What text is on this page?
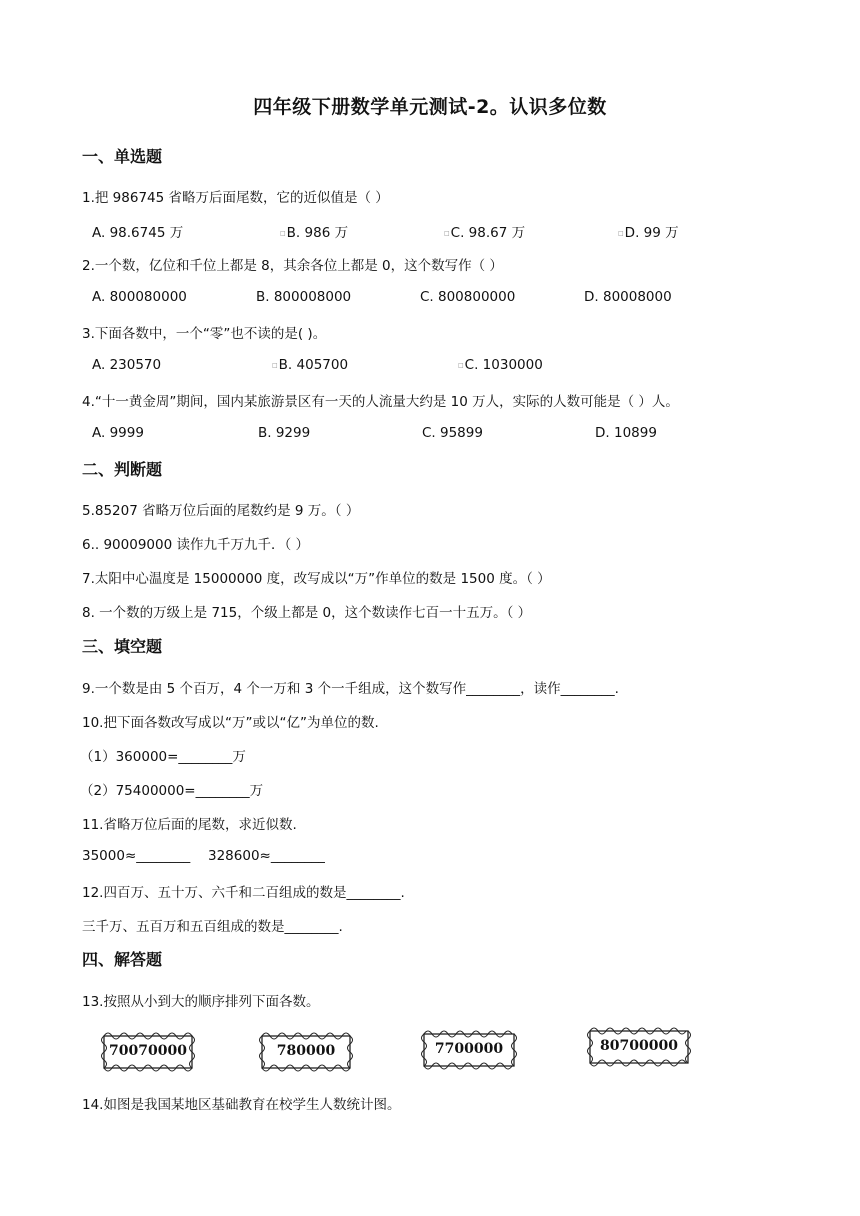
四年级下册数学单元测试-2。认识多位数
一、单选题
1.把 986745 省略万后面尾数，它的近似值是（ ）
A. 98.6745 万	□B. 986 万	□C. 98.67 万	□D. 99 万
2.一个数，亿位和千位上都是 8，其余各位上都是 0，这个数写作（ ）
A. 800080000	B. 800008000	C. 800800000	D. 80008000
3.下面各数中，一个“零”也不读的是( )。
A. 230570	□B. 405700	□C. 1030000
4.“十一黄金周”期间，国内某旅游景区有一天的人流量大约是 10 万人，实际的人数可能是（ ）人。
A. 9999	B. 9299	C. 95899	D. 10899
二、判断题
5.85207 省略万位后面的尾数约是 9 万。（ ）
6.. 90009000 读作九千万九千．（ ）
7.太阳中心温度是 15000000 度，改写成以“万”作单位的数是 1500 度。（ ）
8. 一个数的万级上是 715，个级上都是 0，这个数读作七百一十五万。（ ）
三、填空题
9.一个数是由 5 个百万，4 个一万和 3 个一千组成，这个数写作________，读作________.
10.把下面各数改写成以“万”或以“亿”为单位的数.
（1）360000=________万
（2）75400000=________万
11.省略万位后面的尾数，求近似数.
35000≈________ 328600≈________
12.四百万、五十万、六千和二百组成的数是________.
三千万、五百万和五百组成的数是________.
四、解答题
13.按照从小到大的顺序排列下面各数。
70070000	780000	7700000	80700000
14.如图是我国某地区基础教育在校学生人数统计图。
